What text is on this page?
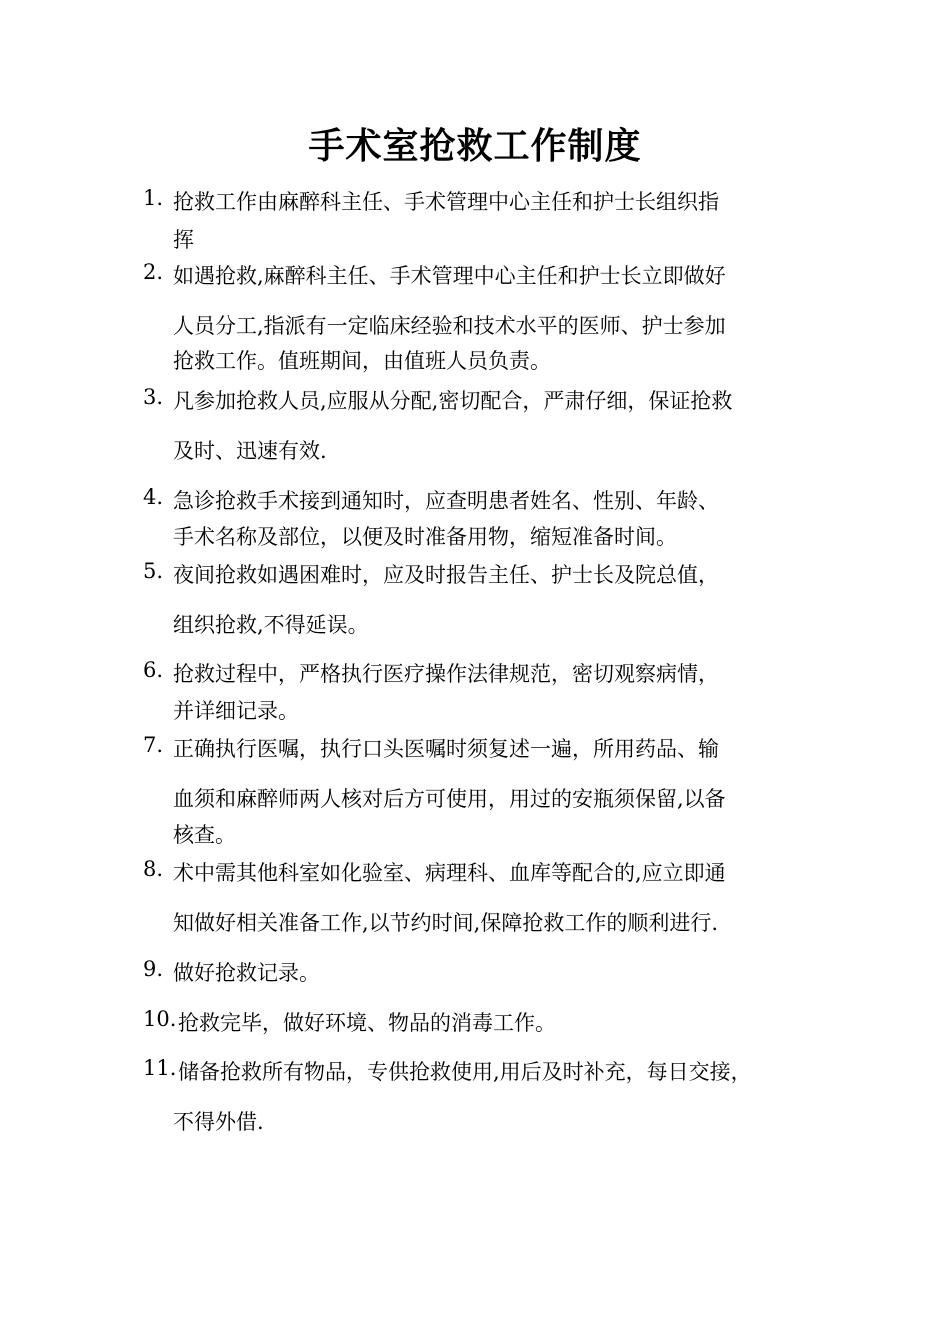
手术室抢救工作制度
1. 抢救工作由麻醉科主任、手术管理中心主任和护士长组织指
挥
2. 如遇抢救,麻醉科主任、手术管理中心主任和护士长立即做好
人员分工,指派有一定临床经验和技术水平的医师、护士参加
抢救工作。值班期间，由值班人员负责。
3. 凡参加抢救人员,应服从分配,密切配合，严肃仔细，保证抢救
及时、迅速有效.
4. 急诊抢救手术接到通知时，应查明患者姓名、性别、年龄、
手术名称及部位，以便及时准备用物，缩短准备时间。
5. 夜间抢救如遇困难时，应及时报告主任、护士长及院总值，
组织抢救,不得延误。
6. 抢救过程中，严格执行医疗操作法律规范，密切观察病情，
并详细记录。
7. 正确执行医嘱，执行口头医嘱时须复述一遍，所用药品、输
血须和麻醉师两人核对后方可使用，用过的安瓶须保留,以备
核查。
8. 术中需其他科室如化验室、病理科、血库等配合的,应立即通
知做好相关准备工作,以节约时间,保障抢救工作的顺利进行.
9. 做好抢救记录。
10. 抢救完毕，做好环境、物品的消毒工作。
11. 储备抢救所有物品，专供抢救使用,用后及时补充，每日交接，
不得外借.
